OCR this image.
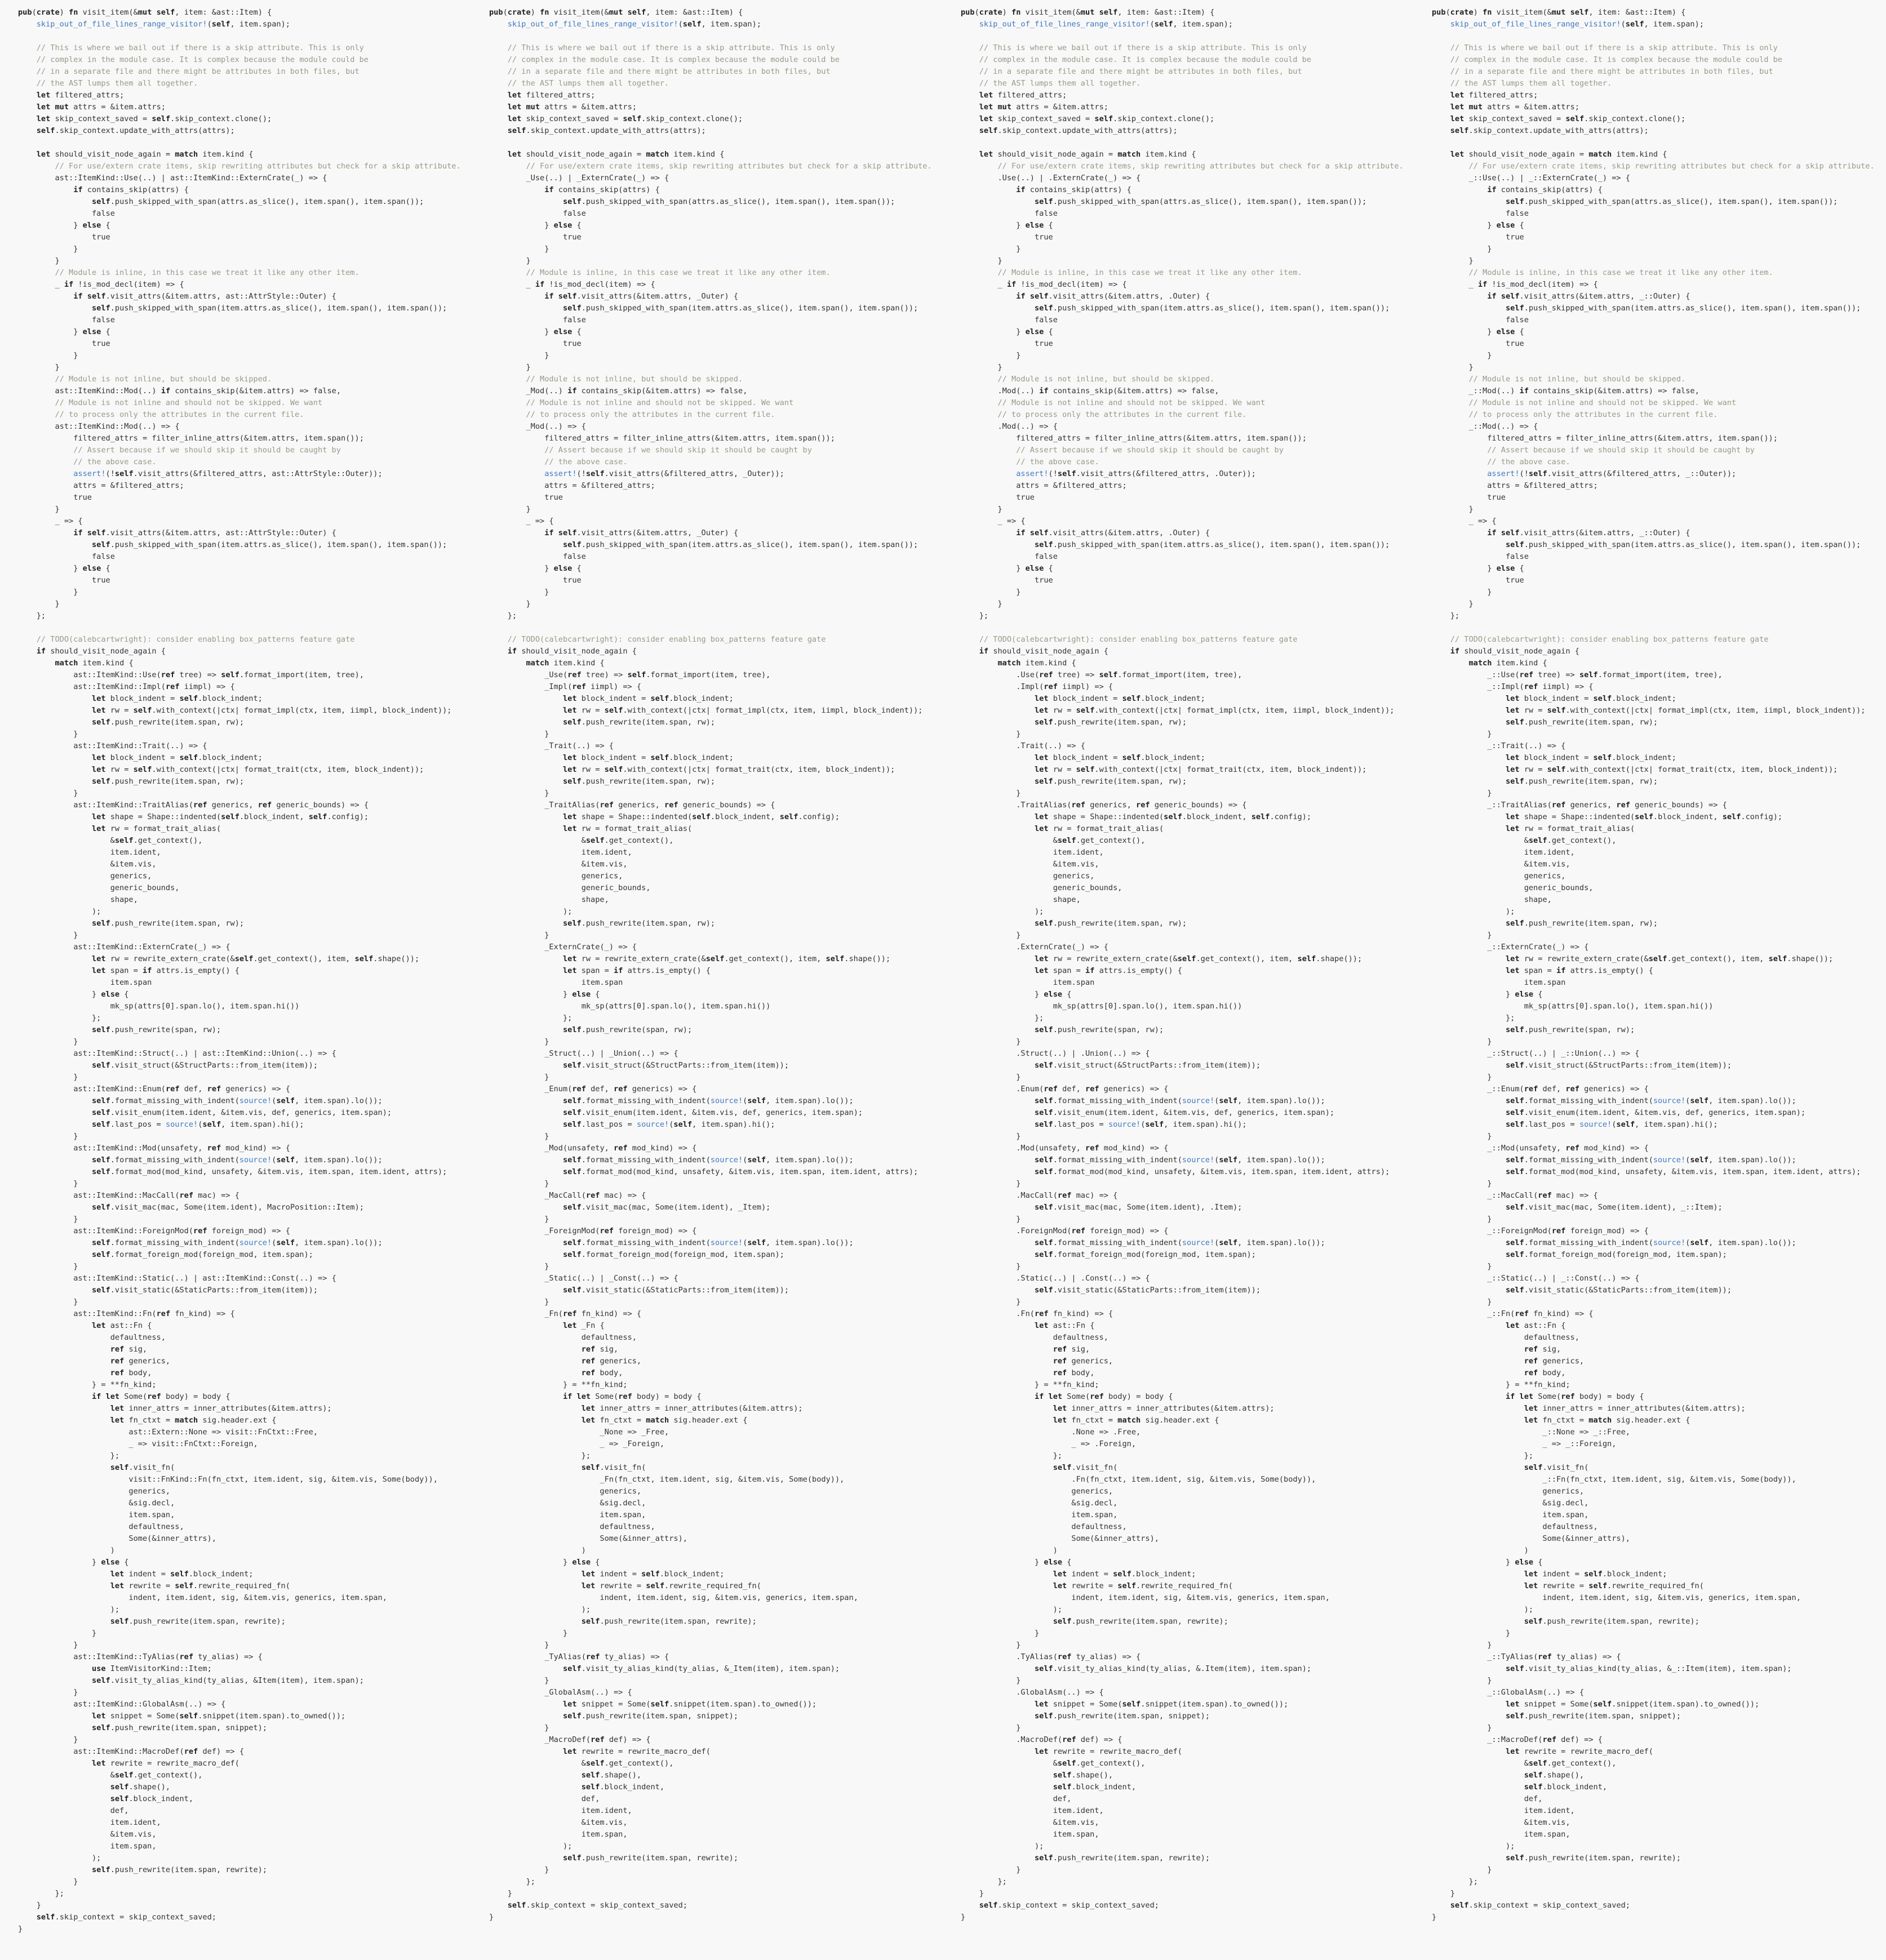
pub(crate) fn visit_item(&mut self, item: &ast::Item) {
skip_out_of_file_lines_range_visitor!(self, item.span);

// This is where we bail out if there is a skip attribute. This is only
// complex in the module case. It is complex because the module could be
// in a separate file and there might be attributes in both files, but
// the AST lumps them all together.
let filtered_attrs;
let mut attrs = &item.attrs;
let skip_context_saved = self.skip_context.clone();
self.skip_context.update_with_attrs(attrs);

let should_visit_node_again = match item.kind {
// For use/extern crate items, skip rewriting attributes but check for a skip attribute.
ast::ItemKind::Use(..) | ast::ItemKind::ExternCrate(_) => {
if contains_skip(attrs) {
self.push_skipped_with_span(attrs.as_slice(), item.span(), item.span());
false
} else {
true
}
}
// Module is inline, in this case we treat it like any other item.
_ if !is_mod_decl(item) => {
if self.visit_attrs(&item.attrs, ast::AttrStyle::Outer) {
self.push_skipped_with_span(item.attrs.as_slice(), item.span(), item.span());
false
} else {
true
}
}
// Module is not inline, but should be skipped.
ast::ItemKind::Mod(..) if contains_skip(&item.attrs) => false,
// Module is not inline and should not be skipped. We want
// to process only the attributes in the current file.
ast::ItemKind::Mod(..) => {
filtered_attrs = filter_inline_attrs(&item.attrs, item.span());
// Assert because if we should skip it should be caught by
// the above case.
assert!(!self.visit_attrs(&filtered_attrs, ast::AttrStyle::Outer));
attrs = &filtered_attrs;
true
}
_ => {
if self.visit_attrs(&item.attrs, ast::AttrStyle::Outer) {
self.push_skipped_with_span(item.attrs.as_slice(), item.span(), item.span());
false
} else {
true
}
}
};

// TODO(calebcartwright): consider enabling box_patterns feature gate
if should_visit_node_again {
match item.kind {
ast::ItemKind::Use(ref tree) => self.format_import(item, tree),
ast::ItemKind::Impl(ref iimpl) => {
let block_indent = self.block_indent;
let rw = self.with_context(|ctx| format_impl(ctx, item, iimpl, block_indent));
self.push_rewrite(item.span, rw);
}
ast::ItemKind::Trait(..) => {
let block_indent = self.block_indent;
let rw = self.with_context(|ctx| format_trait(ctx, item, block_indent));
self.push_rewrite(item.span, rw);
}
ast::ItemKind::TraitAlias(ref generics, ref generic_bounds) => {
let shape = Shape::indented(self.block_indent, self.config);
let rw = format_trait_alias(
&self.get_context(),
item.ident,
&item.vis,
generics,
generic_bounds,
shape,
);
self.push_rewrite(item.span, rw);
}
ast::ItemKind::ExternCrate(_) => {
let rw = rewrite_extern_crate(&self.get_context(), item, self.shape());
let span = if attrs.is_empty() {
item.span
} else {
mk_sp(attrs[0].span.lo(), item.span.hi())
};
self.push_rewrite(span, rw);
}
ast::ItemKind::Struct(..) | ast::ItemKind::Union(..) => {
self.visit_struct(&StructParts::from_item(item));
}
ast::ItemKind::Enum(ref def, ref generics) => {
self.format_missing_with_indent(source!(self, item.span).lo());
self.visit_enum(item.ident, &item.vis, def, generics, item.span);
self.last_pos = source!(self, item.span).hi();
}
ast::ItemKind::Mod(unsafety, ref mod_kind) => {
self.format_missing_with_indent(source!(self, item.span).lo());
self.format_mod(mod_kind, unsafety, &item.vis, item.span, item.ident, attrs);
}
ast::ItemKind::MacCall(ref mac) => {
self.visit_mac(mac, Some(item.ident), MacroPosition::Item);
}
ast::ItemKind::ForeignMod(ref foreign_mod) => {
self.format_missing_with_indent(source!(self, item.span).lo());
self.format_foreign_mod(foreign_mod, item.span);
}
ast::ItemKind::Static(..) | ast::ItemKind::Const(..) => {
self.visit_static(&StaticParts::from_item(item));
}
ast::ItemKind::Fn(ref fn_kind) => {
let ast::Fn {
defaultness,
ref sig,
ref generics,
ref body,
} = **fn_kind;
if let Some(ref body) = body {
let inner_attrs = inner_attributes(&item.attrs);
let fn_ctxt = match sig.header.ext {
ast::Extern::None => visit::FnCtxt::Free,
_ => visit::FnCtxt::Foreign,
};
self.visit_fn(
visit::FnKind::Fn(fn_ctxt, item.ident, sig, &item.vis, Some(body)),
generics,
&sig.decl,
item.span,
defaultness,
Some(&inner_attrs),
)
} else {
let indent = self.block_indent;
let rewrite = self.rewrite_required_fn(
indent, item.ident, sig, &item.vis, generics, item.span,
);
self.push_rewrite(item.span, rewrite);
}
}
ast::ItemKind::TyAlias(ref ty_alias) => {
use ItemVisitorKind::Item;
self.visit_ty_alias_kind(ty_alias, &Item(item), item.span);
}
ast::ItemKind::GlobalAsm(..) => {
let snippet = Some(self.snippet(item.span).to_owned());
self.push_rewrite(item.span, snippet);
}
ast::ItemKind::MacroDef(ref def) => {
let rewrite = rewrite_macro_def(
&self.get_context(),
self.shape(),
self.block_indent,
def,
item.ident,
&item.vis,
item.span,
);
self.push_rewrite(item.span, rewrite);
}
};
}
self.skip_context = skip_context_saved;
}
pub(crate) fn visit_item(&mut self, item: &ast::Item) {
skip_out_of_file_lines_range_visitor!(self, item.span);

// This is where we bail out if there is a skip attribute. This is only
// complex in the module case. It is complex because the module could be
// in a separate file and there might be attributes in both files, but
// the AST lumps them all together.
let filtered_attrs;
let mut attrs = &item.attrs;
let skip_context_saved = self.skip_context.clone();
self.skip_context.update_with_attrs(attrs);

let should_visit_node_again = match item.kind {
// For use/extern crate items, skip rewriting attributes but check for a skip attribute.
_Use(..) | _ExternCrate(_) => {
if contains_skip(attrs) {
self.push_skipped_with_span(attrs.as_slice(), item.span(), item.span());
false
} else {
true
}
}
// Module is inline, in this case we treat it like any other item.
_ if !is_mod_decl(item) => {
if self.visit_attrs(&item.attrs, _Outer) {
self.push_skipped_with_span(item.attrs.as_slice(), item.span(), item.span());
false
} else {
true
}
}
// Module is not inline, but should be skipped.
_Mod(..) if contains_skip(&item.attrs) => false,
// Module is not inline and should not be skipped. We want
// to process only the attributes in the current file.
_Mod(..) => {
filtered_attrs = filter_inline_attrs(&item.attrs, item.span());
// Assert because if we should skip it should be caught by
// the above case.
assert!(!self.visit_attrs(&filtered_attrs, _Outer));
attrs = &filtered_attrs;
true
}
_ => {
if self.visit_attrs(&item.attrs, _Outer) {
self.push_skipped_with_span(item.attrs.as_slice(), item.span(), item.span());
false
} else {
true
}
}
};

// TODO(calebcartwright): consider enabling box_patterns feature gate
if should_visit_node_again {
match item.kind {
_Use(ref tree) => self.format_import(item, tree),
_Impl(ref iimpl) => {
let block_indent = self.block_indent;
let rw = self.with_context(|ctx| format_impl(ctx, item, iimpl, block_indent));
self.push_rewrite(item.span, rw);
}
_Trait(..) => {
let block_indent = self.block_indent;
let rw = self.with_context(|ctx| format_trait(ctx, item, block_indent));
self.push_rewrite(item.span, rw);
}
_TraitAlias(ref generics, ref generic_bounds) => {
let shape = Shape::indented(self.block_indent, self.config);
let rw = format_trait_alias(
&self.get_context(),
item.ident,
&item.vis,
generics,
generic_bounds,
shape,
);
self.push_rewrite(item.span, rw);
}
_ExternCrate(_) => {
let rw = rewrite_extern_crate(&self.get_context(), item, self.shape());
let span = if attrs.is_empty() {
item.span
} else {
mk_sp(attrs[0].span.lo(), item.span.hi())
};
self.push_rewrite(span, rw);
}
_Struct(..) | _Union(..) => {
self.visit_struct(&StructParts::from_item(item));
}
_Enum(ref def, ref generics) => {
self.format_missing_with_indent(source!(self, item.span).lo());
self.visit_enum(item.ident, &item.vis, def, generics, item.span);
self.last_pos = source!(self, item.span).hi();
}
_Mod(unsafety, ref mod_kind) => {
self.format_missing_with_indent(source!(self, item.span).lo());
self.format_mod(mod_kind, unsafety, &item.vis, item.span, item.ident, attrs);
}
_MacCall(ref mac) => {
self.visit_mac(mac, Some(item.ident), _Item);
}
_ForeignMod(ref foreign_mod) => {
self.format_missing_with_indent(source!(self, item.span).lo());
self.format_foreign_mod(foreign_mod, item.span);
}
_Static(..) | _Const(..) => {
self.visit_static(&StaticParts::from_item(item));
}
_Fn(ref fn_kind) => {
let _Fn {
defaultness,
ref sig,
ref generics,
ref body,
} = **fn_kind;
if let Some(ref body) = body {
let inner_attrs = inner_attributes(&item.attrs);
let fn_ctxt = match sig.header.ext {
_None => _Free,
_ => _Foreign,
};
self.visit_fn(
_Fn(fn_ctxt, item.ident, sig, &item.vis, Some(body)),
generics,
&sig.decl,
item.span,
defaultness,
Some(&inner_attrs),
)
} else {
let indent = self.block_indent;
let rewrite = self.rewrite_required_fn(
indent, item.ident, sig, &item.vis, generics, item.span,
);
self.push_rewrite(item.span, rewrite);
}
}
_TyAlias(ref ty_alias) => {
self.visit_ty_alias_kind(ty_alias, &_Item(item), item.span);
}
_GlobalAsm(..) => {
let snippet = Some(self.snippet(item.span).to_owned());
self.push_rewrite(item.span, snippet);
}
_MacroDef(ref def) => {
let rewrite = rewrite_macro_def(
&self.get_context(),
self.shape(),
self.block_indent,
def,
item.ident,
&item.vis,
item.span,
);
self.push_rewrite(item.span, rewrite);
}
};
}
self.skip_context = skip_context_saved;
}
pub(crate) fn visit_item(&mut self, item: &ast::Item) {
skip_out_of_file_lines_range_visitor!(self, item.span);

// This is where we bail out if there is a skip attribute. This is only
// complex in the module case. It is complex because the module could be
// in a separate file and there might be attributes in both files, but
// the AST lumps them all together.
let filtered_attrs;
let mut attrs = &item.attrs;
let skip_context_saved = self.skip_context.clone();
self.skip_context.update_with_attrs(attrs);

let should_visit_node_again = match item.kind {
// For use/extern crate items, skip rewriting attributes but check for a skip attribute.
.Use(..) | .ExternCrate(_) => {
if contains_skip(attrs) {
self.push_skipped_with_span(attrs.as_slice(), item.span(), item.span());
false
} else {
true
}
}
// Module is inline, in this case we treat it like any other item.
_ if !is_mod_decl(item) => {
if self.visit_attrs(&item.attrs, .Outer) {
self.push_skipped_with_span(item.attrs.as_slice(), item.span(), item.span());
false
} else {
true
}
}
// Module is not inline, but should be skipped.
.Mod(..) if contains_skip(&item.attrs) => false,
// Module is not inline and should not be skipped. We want
// to process only the attributes in the current file.
.Mod(..) => {
filtered_attrs = filter_inline_attrs(&item.attrs, item.span());
// Assert because if we should skip it should be caught by
// the above case.
assert!(!self.visit_attrs(&filtered_attrs, .Outer));
attrs = &filtered_attrs;
true
}
_ => {
if self.visit_attrs(&item.attrs, .Outer) {
self.push_skipped_with_span(item.attrs.as_slice(), item.span(), item.span());
false
} else {
true
}
}
};

// TODO(calebcartwright): consider enabling box_patterns feature gate
if should_visit_node_again {
match item.kind {
.Use(ref tree) => self.format_import(item, tree),
.Impl(ref iimpl) => {
let block_indent = self.block_indent;
let rw = self.with_context(|ctx| format_impl(ctx, item, iimpl, block_indent));
self.push_rewrite(item.span, rw);
}
.Trait(..) => {
let block_indent = self.block_indent;
let rw = self.with_context(|ctx| format_trait(ctx, item, block_indent));
self.push_rewrite(item.span, rw);
}
.TraitAlias(ref generics, ref generic_bounds) => {
let shape = Shape::indented(self.block_indent, self.config);
let rw = format_trait_alias(
&self.get_context(),
item.ident,
&item.vis,
generics,
generic_bounds,
shape,
);
self.push_rewrite(item.span, rw);
}
.ExternCrate(_) => {
let rw = rewrite_extern_crate(&self.get_context(), item, self.shape());
let span = if attrs.is_empty() {
item.span
} else {
mk_sp(attrs[0].span.lo(), item.span.hi())
};
self.push_rewrite(span, rw);
}
.Struct(..) | .Union(..) => {
self.visit_struct(&StructParts::from_item(item));
}
.Enum(ref def, ref generics) => {
self.format_missing_with_indent(source!(self, item.span).lo());
self.visit_enum(item.ident, &item.vis, def, generics, item.span);
self.last_pos = source!(self, item.span).hi();
}
.Mod(unsafety, ref mod_kind) => {
self.format_missing_with_indent(source!(self, item.span).lo());
self.format_mod(mod_kind, unsafety, &item.vis, item.span, item.ident, attrs);
}
.MacCall(ref mac) => {
self.visit_mac(mac, Some(item.ident), .Item);
}
.ForeignMod(ref foreign_mod) => {
self.format_missing_with_indent(source!(self, item.span).lo());
self.format_foreign_mod(foreign_mod, item.span);
}
.Static(..) | .Const(..) => {
self.visit_static(&StaticParts::from_item(item));
}
.Fn(ref fn_kind) => {
let ast::Fn {
defaultness,
ref sig,
ref generics,
ref body,
} = **fn_kind;
if let Some(ref body) = body {
let inner_attrs = inner_attributes(&item.attrs);
let fn_ctxt = match sig.header.ext {
.None => .Free,
_ => .Foreign,
};
self.visit_fn(
.Fn(fn_ctxt, item.ident, sig, &item.vis, Some(body)),
generics,
&sig.decl,
item.span,
defaultness,
Some(&inner_attrs),
)
} else {
let indent = self.block_indent;
let rewrite = self.rewrite_required_fn(
indent, item.ident, sig, &item.vis, generics, item.span,
);
self.push_rewrite(item.span, rewrite);
}
}
.TyAlias(ref ty_alias) => {
self.visit_ty_alias_kind(ty_alias, &.Item(item), item.span);
}
.GlobalAsm(..) => {
let snippet = Some(self.snippet(item.span).to_owned());
self.push_rewrite(item.span, snippet);
}
.MacroDef(ref def) => {
let rewrite = rewrite_macro_def(
&self.get_context(),
self.shape(),
self.block_indent,
def,
item.ident,
&item.vis,
item.span,
);
self.push_rewrite(item.span, rewrite);
}
};
}
self.skip_context = skip_context_saved;
}
pub(crate) fn visit_item(&mut self, item: &ast::Item) {
skip_out_of_file_lines_range_visitor!(self, item.span);

// This is where we bail out if there is a skip attribute. This is only
// complex in the module case. It is complex because the module could be
// in a separate file and there might be attributes in both files, but
// the AST lumps them all together.
let filtered_attrs;
let mut attrs = &item.attrs;
let skip_context_saved = self.skip_context.clone();
self.skip_context.update_with_attrs(attrs);

let should_visit_node_again = match item.kind {
// For use/extern crate items, skip rewriting attributes but check for a skip attribute.
_::Use(..) | _::ExternCrate(_) => {
if contains_skip(attrs) {
self.push_skipped_with_span(attrs.as_slice(), item.span(), item.span());
false
} else {
true
}
}
// Module is inline, in this case we treat it like any other item.
_ if !is_mod_decl(item) => {
if self.visit_attrs(&item.attrs, _::Outer) {
self.push_skipped_with_span(item.attrs.as_slice(), item.span(), item.span());
false
} else {
true
}
}
// Module is not inline, but should be skipped.
_::Mod(..) if contains_skip(&item.attrs) => false,
// Module is not inline and should not be skipped. We want
// to process only the attributes in the current file.
_::Mod(..) => {
filtered_attrs = filter_inline_attrs(&item.attrs, item.span());
// Assert because if we should skip it should be caught by
// the above case.
assert!(!self.visit_attrs(&filtered_attrs, _::Outer));
attrs = &filtered_attrs;
true
}
_ => {
if self.visit_attrs(&item.attrs, _::Outer) {
self.push_skipped_with_span(item.attrs.as_slice(), item.span(), item.span());
false
} else {
true
}
}
};

// TODO(calebcartwright): consider enabling box_patterns feature gate
if should_visit_node_again {
match item.kind {
_::Use(ref tree) => self.format_import(item, tree),
_::Impl(ref iimpl) => {
let block_indent = self.block_indent;
let rw = self.with_context(|ctx| format_impl(ctx, item, iimpl, block_indent));
self.push_rewrite(item.span, rw);
}
_::Trait(..) => {
let block_indent = self.block_indent;
let rw = self.with_context(|ctx| format_trait(ctx, item, block_indent));
self.push_rewrite(item.span, rw);
}
_::TraitAlias(ref generics, ref generic_bounds) => {
let shape = Shape::indented(self.block_indent, self.config);
let rw = format_trait_alias(
&self.get_context(),
item.ident,
&item.vis,
generics,
generic_bounds,
shape,
);
self.push_rewrite(item.span, rw);
}
_::ExternCrate(_) => {
let rw = rewrite_extern_crate(&self.get_context(), item, self.shape());
let span = if attrs.is_empty() {
item.span
} else {
mk_sp(attrs[0].span.lo(), item.span.hi())
};
self.push_rewrite(span, rw);
}
_::Struct(..) | _::Union(..) => {
self.visit_struct(&StructParts::from_item(item));
}
_::Enum(ref def, ref generics) => {
self.format_missing_with_indent(source!(self, item.span).lo());
self.visit_enum(item.ident, &item.vis, def, generics, item.span);
self.last_pos = source!(self, item.span).hi();
}
_::Mod(unsafety, ref mod_kind) => {
self.format_missing_with_indent(source!(self, item.span).lo());
self.format_mod(mod_kind, unsafety, &item.vis, item.span, item.ident, attrs);
}
_::MacCall(ref mac) => {
self.visit_mac(mac, Some(item.ident), _::Item);
}
_::ForeignMod(ref foreign_mod) => {
self.format_missing_with_indent(source!(self, item.span).lo());
self.format_foreign_mod(foreign_mod, item.span);
}
_::Static(..) | _::Const(..) => {
self.visit_static(&StaticParts::from_item(item));
}
_::Fn(ref fn_kind) => {
let ast::Fn {
defaultness,
ref sig,
ref generics,
ref body,
} = **fn_kind;
if let Some(ref body) = body {
let inner_attrs = inner_attributes(&item.attrs);
let fn_ctxt = match sig.header.ext {
_::None => _::Free,
_ => _::Foreign,
};
self.visit_fn(
_::Fn(fn_ctxt, item.ident, sig, &item.vis, Some(body)),
generics,
&sig.decl,
item.span,
defaultness,
Some(&inner_attrs),
)
} else {
let indent = self.block_indent;
let rewrite = self.rewrite_required_fn(
indent, item.ident, sig, &item.vis, generics, item.span,
);
self.push_rewrite(item.span, rewrite);
}
}
_::TyAlias(ref ty_alias) => {
self.visit_ty_alias_kind(ty_alias, &_::Item(item), item.span);
}
_::GlobalAsm(..) => {
let snippet = Some(self.snippet(item.span).to_owned());
self.push_rewrite(item.span, snippet);
}
_::MacroDef(ref def) => {
let rewrite = rewrite_macro_def(
&self.get_context(),
self.shape(),
self.block_indent,
def,
item.ident,
&item.vis,
item.span,
);
self.push_rewrite(item.span, rewrite);
}
};
}
self.skip_context = skip_context_saved;
}
